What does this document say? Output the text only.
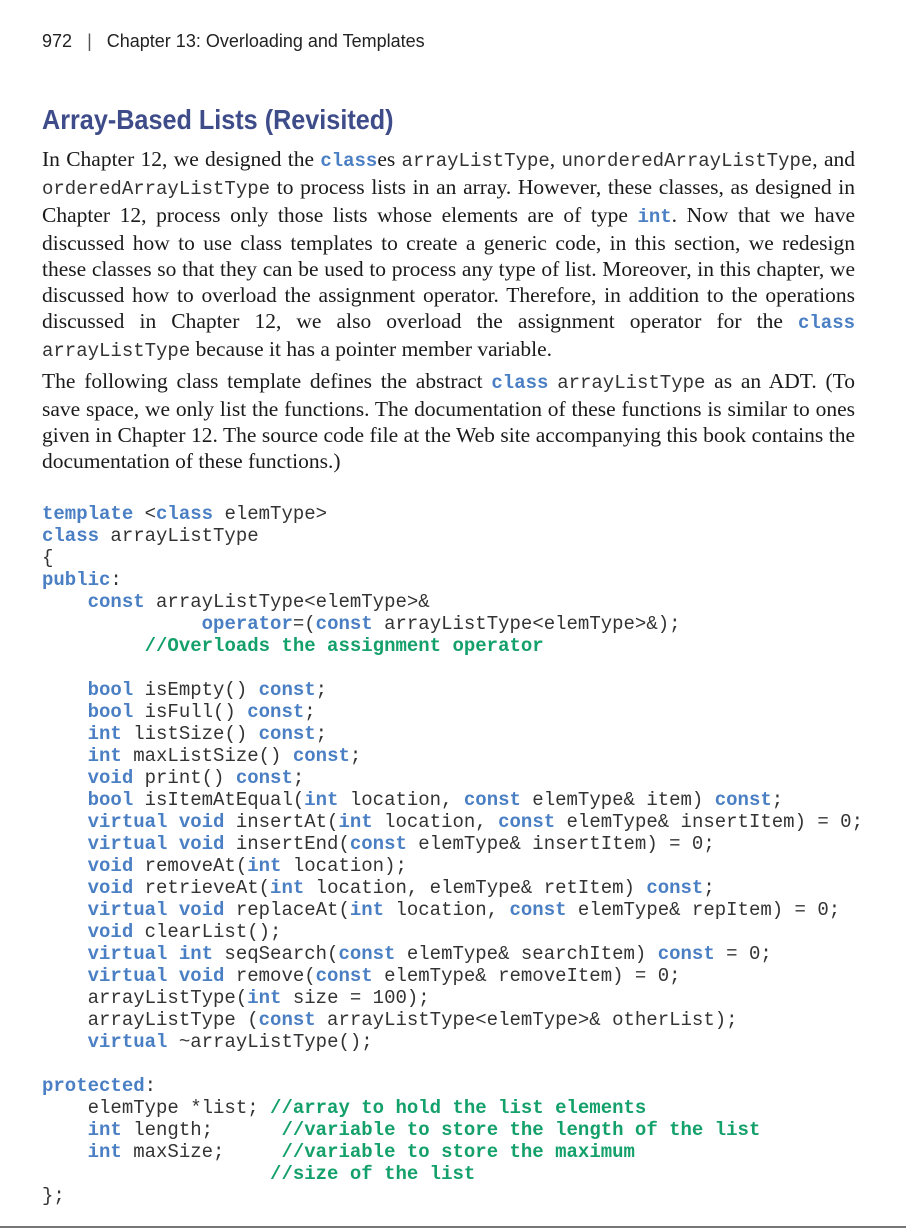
972 | Chapter 13: Overloading and Templates
Array-Based Lists (Revisited)
In Chapter 12, we designed the classes arrayListType, unorderedArrayListType, and orderedArrayListType to process lists in an array. However, these classes, as designed in Chapter 12, process only those lists whose elements are of type int. Now that we have discussed how to use class templates to create a generic code, in this section, we redesign these classes so that they can be used to process any type of list. Moreover, in this chapter, we discussed how to overload the assignment operator. Therefore, in addition to the operations discussed in Chapter 12, we also overload the assignment operator for the class arrayListType because it has a pointer member variable.
The following class template defines the abstract class arrayListType as an ADT. (To save space, we only list the functions. The documentation of these functions is similar to ones given in Chapter 12. The source code file at the Web site accompanying this book contains the documentation of these functions.)
template <class elemType>
class arrayListType
{
public:
const arrayListType<elemType>&
operator=(const arrayListType<elemType>&);
//Overloads the assignment operator

bool isEmpty() const;
bool isFull() const;
int listSize() const;
int maxListSize() const;
void print() const;
bool isItemAtEqual(int location, const elemType& item) const;
virtual void insertAt(int location, const elemType& insertItem) = 0;
virtual void insertEnd(const elemType& insertItem) = 0;
void removeAt(int location);
void retrieveAt(int location, elemType& retItem) const;
virtual void replaceAt(int location, const elemType& repItem) = 0;
void clearList();
virtual int seqSearch(const elemType& searchItem) const = 0;
virtual void remove(const elemType& removeItem) = 0;
arrayListType(int size = 100);
arrayListType (const arrayListType<elemType>& otherList);
virtual ~arrayListType();

protected:
elemType *list; //array to hold the list elements
int length;      //variable to store the length of the list
int maxSize;     //variable to store the maximum
//size of the list
};
